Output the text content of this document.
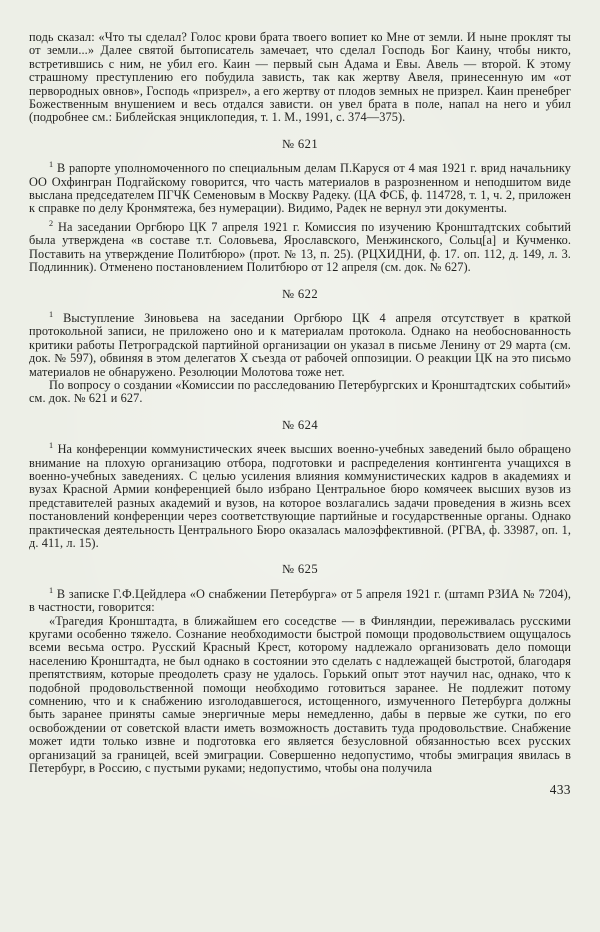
подь сказал: «Что ты сделал? Голос крови брата твоего вопиет ко Мне от земли. И ныне проклят ты от земли...» Далее святой бытописатель замечает, что сделал Господь Бог Каину, чтобы никто, встретившись с ним, не убил его. Каин — первый сын Адама и Евы. Авель — второй. К этому страшному преступлению его побудила зависть, так как жертву Авеля, принесенную им «от первородных овнов», Господь «призрел», а его жертву от плодов земных не призрел. Каин пренебрег Божественным внушением и весь отдался зависти. он увел брата в поле, напал на него и убил (подробнее см.: Библейская энциклопедия, т. 1. М., 1991, с. 374—375).

№ 621

$^1$ В рапорте уполномоченного по специальным делам П.Каруся от 4 мая 1921 г. врид начальнику ОО Охфингран Подгайскому говорится, что часть материалов в разрозненном и неподшитом виде выслана председателем ПГЧК Семеновым в Москву Радеку. (ЦА ФСБ, ф. 114728, т. 1, ч. 2, приложен к справке по делу Кронмятежа, без нумерации). Видимо, Радек не вернул эти документы.

$^2$ На заседании Оргбюро ЦК 7 апреля 1921 г. Комиссия по изучению Кронштадтских событий была утверждена «в составе т.т. Соловьева, Ярославского, Менжинского, Сольц[а] и Кучменко. Поставить на утверждение Политбюро» (прот. № 13, п. 25). (РЦХИДНИ, ф. 17. оп. 112, д. 149, л. 3. Подлинник). Отменено постановлением Политбюро от 12 апреля (см. док. № 627).

№ 622

$^1$ Выступление Зиновьева на заседании Оргбюро ЦК 4 апреля отсутствует в краткой протокольной записи, не приложено оно и к материалам протокола. Однако на необоснованность критики работы Петроградской партийной организации он указал в письме Ленину от 29 марта (см. док. № 597), обвиняя в этом делегатов X съезда от рабочей оппозиции. О реакции ЦК на это письмо материалов не обнаружено. Резолюции Молотова тоже нет.

По вопросу о создании «Комиссии по расследованию Петербургских и Кронштадтских событий» см. док. № 621 и 627.

№ 624

$^1$ На конференции коммунистических ячеек высших военно-учебных заведений было обращено внимание на плохую организацию отбора, подготовки и распределения контингента учащихся в военно-учебных заведениях. С целью усиления влияния коммунистических кадров в академиях и вузах Красной Армии конференцией было избрано Центральное бюро комячеек высших вузов из представителей разных академий и вузов, на которое возлагались задачи проведения в жизнь всех постановлений конференции через соответствующие партийные и государственные органы. Однако практическая деятельность Центрального Бюро оказалась малоэффективной. (РГВА, ф. 33987, оп. 1, д. 411, л. 15).

№ 625

$^1$ В записке Г.Ф.Цейдлера «О снабжении Петербурга» от 5 апреля 1921 г. (штамп РЗИА № 7204), в частности, говорится:

«Трагедия Кронштадта, в ближайшем его соседстве — в Финляндии, переживалась русскими кругами особенно тяжело. Сознание необходимости быстрой помощи продовольствием ощущалось всеми весьма остро. Русский Красный Крест, которому надлежало организовать дело помощи населению Кронштадта, не был однако в состоянии это сделать с надлежащей быстротой, благодаря препятствиям, которые преодолеть сразу не удалось. Горький опыт этот научил нас, однако, что к подобной продовольственной помощи необходимо готовиться заранее. Не подлежит потому сомнению, что и к снабжению изголодавшегося, истощенного, измученного Петербурга должны быть заранее приняты самые энергичные меры немедленно, дабы в первые же сутки, по его освобождении от советской власти иметь возможность доставить туда продовольствие. Снабжение может идти только извне и подготовка его является безусловной обязанностью всех русских организаций за границей, всей эмиграции. Совершенно недопустимо, чтобы эмиграция явилась в Петербург, в Россию, с пустыми руками; недопустимо, чтобы она получила

433
